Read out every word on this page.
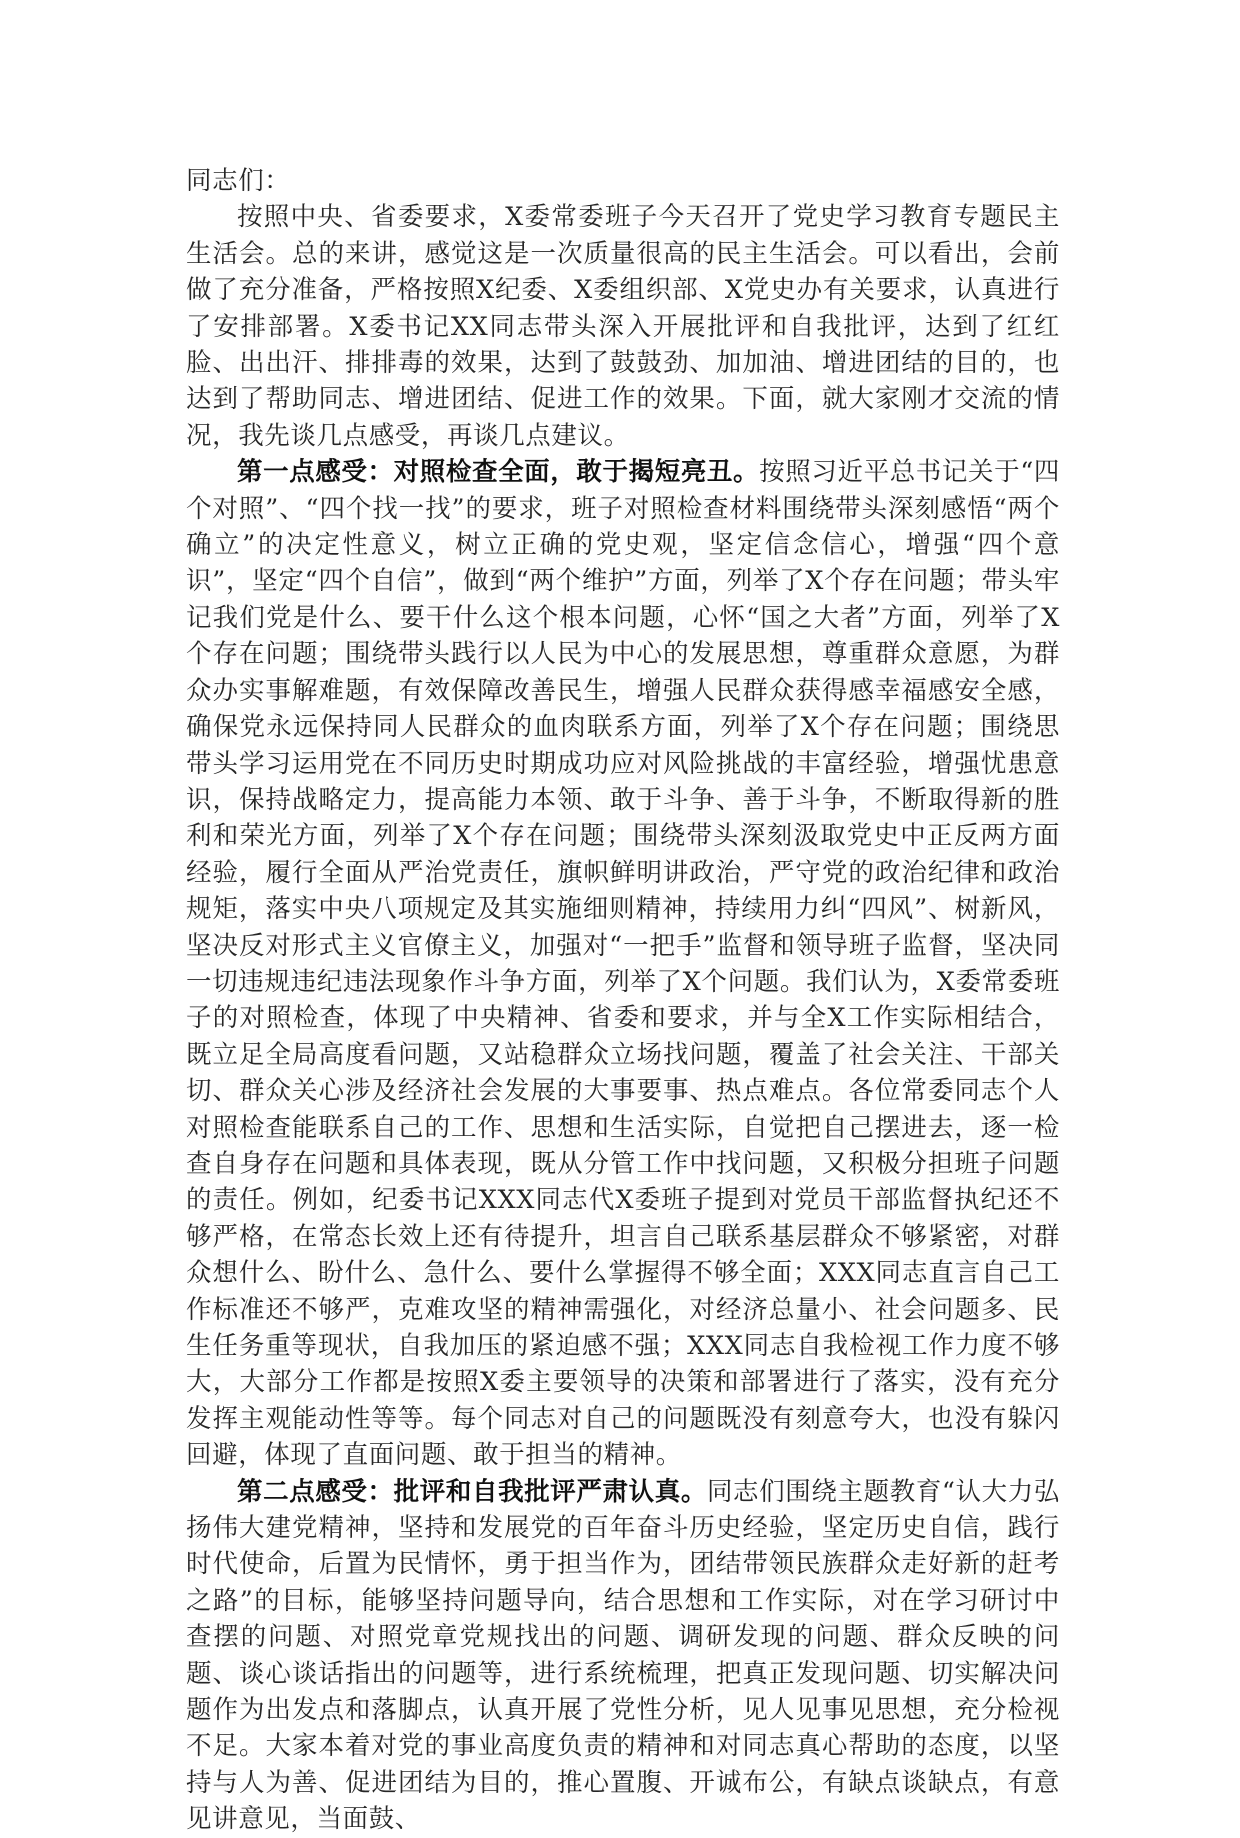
同志们：

按照中央、省委要求，X委常委班子今天召开了党史学习教育专题民主生活会。总的来讲，感觉这是一次质量很高的民主生活会。可以看出，会前做了充分准备，严格按照X纪委、X委组织部、X党史办有关要求，认真进行了安排部署。X委书记XX同志带头深入开展批评和自我批评，达到了红红脸、出出汗、排排毒的效果，达到了鼓鼓劲、加加油、增进团结的目的，也达到了帮助同志、增进团结、促进工作的效果。下面，就大家刚才交流的情况，我先谈几点感受，再谈几点建议。

第一点感受：对照检查全面，敢于揭短亮丑。按照习近平总书记关于“四个对照”、“四个找一找”的要求，班子对照检查材料围绕带头深刻感悟“两个确立”的决定性意义，树立正确的党史观，坚定信念信心，增强“四个意识”，坚定“四个自信”，做到“两个维护”方面，列举了X个存在问题；带头牢记我们党是什么、要干什么这个根本问题，心怀“国之大者”方面，列举了X个存在问题；围绕带头践行以人民为中心的发展思想，尊重群众意愿，为群众办实事解难题，有效保障改善民生，增强人民群众获得感幸福感安全感，确保党永远保持同人民群众的血肉联系方面，列举了X个存在问题；围绕思带头学习运用党在不同历史时期成功应对风险挑战的丰富经验，增强忧患意识，保持战略定力，提高能力本领、敢于斗争、善于斗争，不断取得新的胜利和荣光方面，列举了X个存在问题；围绕带头深刻汲取党史中正反两方面经验，履行全面从严治党责任，旗帜鲜明讲政治，严守党的政治纪律和政治规矩，落实中央八项规定及其实施细则精神，持续用力纠“四风”、树新风，坚决反对形式主义官僚主义，加强对“一把手”监督和领导班子监督，坚决同一切违规违纪违法现象作斗争方面，列举了X个问题。我们认为，X委常委班子的对照检查，体现了中央精神、省委和要求，并与全X工作实际相结合，既立足全局高度看问题，又站稳群众立场找问题，覆盖了社会关注、干部关切、群众关心涉及经济社会发展的大事要事、热点难点。各位常委同志个人对照检查能联系自己的工作、思想和生活实际，自觉把自己摆进去，逐一检查自身存在问题和具体表现，既从分管工作中找问题，又积极分担班子问题的责任。例如，纪委书记XXX同志代X委班子提到对党员干部监督执纪还不够严格，在常态长效上还有待提升，坦言自己联系基层群众不够紧密，对群众想什么、盼什么、急什么、要什么掌握得不够全面；XXX同志直言自己工作标准还不够严，克难攻坚的精神需强化，对经济总量小、社会问题多、民生任务重等现状，自我加压的紧迫感不强；XXX同志自我检视工作力度不够大，大部分工作都是按照X委主要领导的决策和部署进行了落实，没有充分发挥主观能动性等等。每个同志对自己的问题既没有刻意夸大，也没有躲闪回避，体现了直面问题、敢于担当的精神。

第二点感受：批评和自我批评严肃认真。同志们围绕主题教育“认大力弘扬伟大建党精神，坚持和发展党的百年奋斗历史经验，坚定历史自信，践行时代使命，后置为民情怀，勇于担当作为，团结带领民族群众走好新的赶考之路”的目标，能够坚持问题导向，结合思想和工作实际，对在学习研讨中查摆的问题、对照党章党规找出的问题、调研发现的问题、群众反映的问题、谈心谈话指出的问题等，进行系统梳理，把真正发现问题、切实解决问题作为出发点和落脚点，认真开展了党性分析，见人见事见思想，充分检视不足。大家本着对党的事业高度负责的精神和对同志真心帮助的态度，以坚持与人为善、促进团结为目的，推心置腹、开诚布公，有缺点谈缺点，有意见讲意见，当面鼓、
